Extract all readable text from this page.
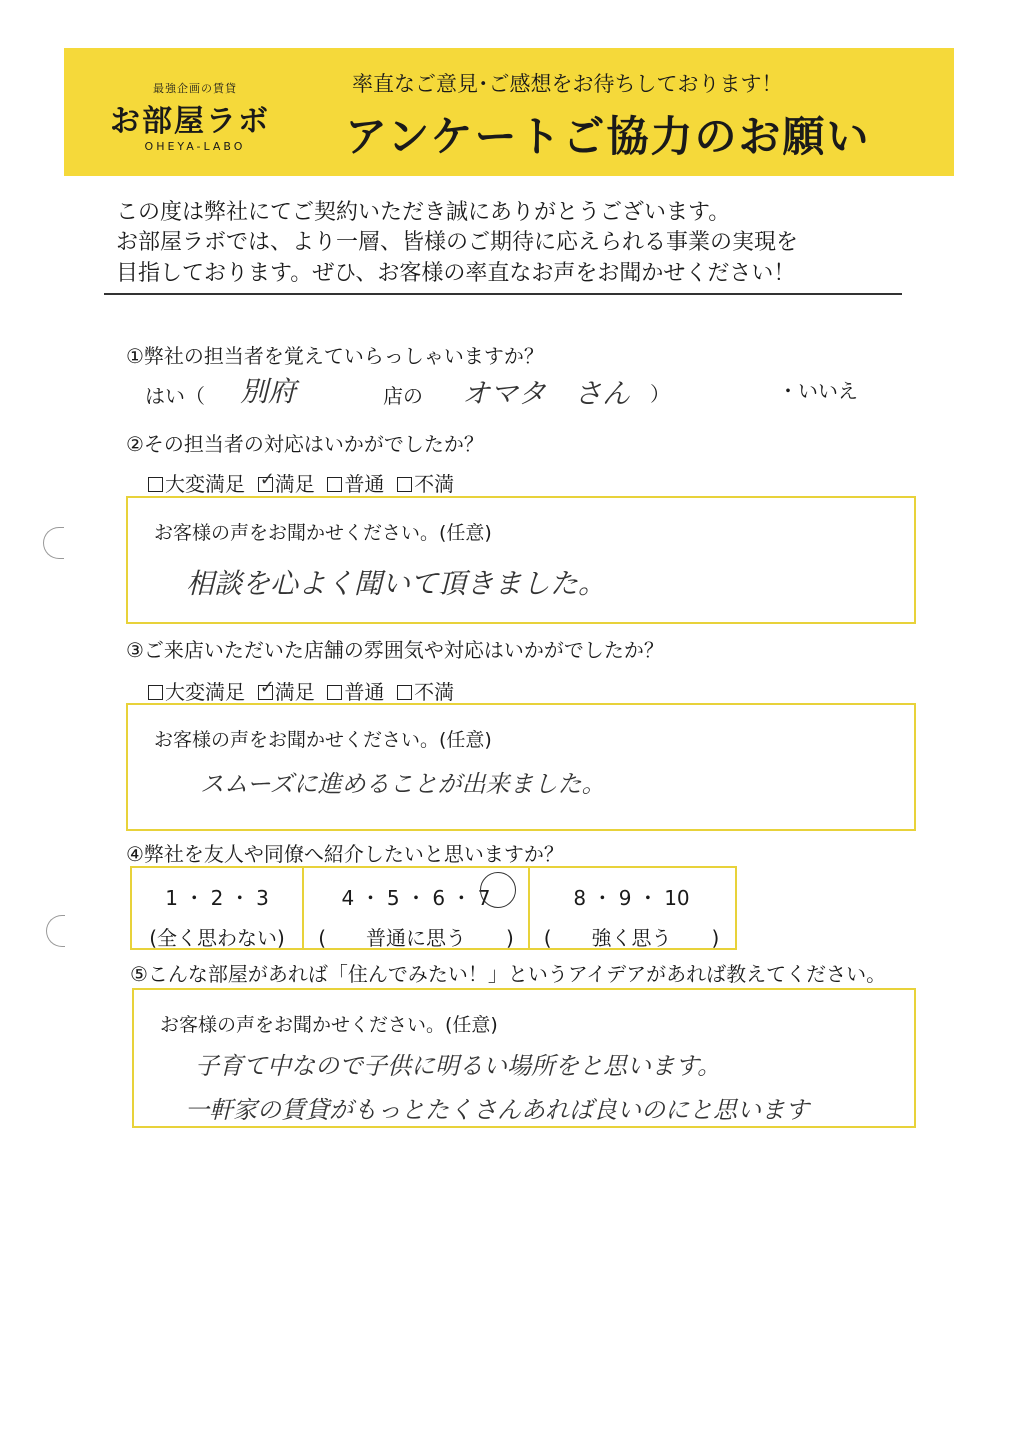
最強企画の賃貸
お部屋ラボ
OHEYA-LABO
率直なご意見･ご感想をお待ちしております！
アンケートご協力のお願い
この度は弊社にてご契約いただき誠にありがとうございます。
お部屋ラボでは、より一層、皆様のご期待に応えられる事業の実現を
目指しております。ぜひ、お客様の率直なお声をお聞かせください！
①弊社の担当者を覚えていらっしゃいますか？
はい（ 別府	店の オマタ　さん ）	・いいえ
②その担当者の対応はいかがでしたか？
大変満足 ✓ 満足 普通 不満
お客様の声をお聞かせください。(任意)
相談を心よく聞いて頂きました。
③ご来店いただいた店舗の雰囲気や対応はいかがでしたか？
大変満足 ✓ 満足 普通 不満
お客様の声をお聞かせください。(任意)
スムーズに進めることが出来ました。
④弊社を友人や同僚へ紹介したいと思いますか？
1 ・ 2 ・ 3
(全く思わない)
4 ・ 5 ・ 6 ・ 7
(　　普通に思う　　)
8 ・ 9 ・ 10
(　　強く思う　　)
⑤こんな部屋があれば「住んでみたい！」というアイデアがあれば教えてください。
お客様の声をお聞かせください。(任意)
子育て中なので子供に明るい場所をと思います。
一軒家の賃貸がもっとたくさんあれば良いのにと思います
